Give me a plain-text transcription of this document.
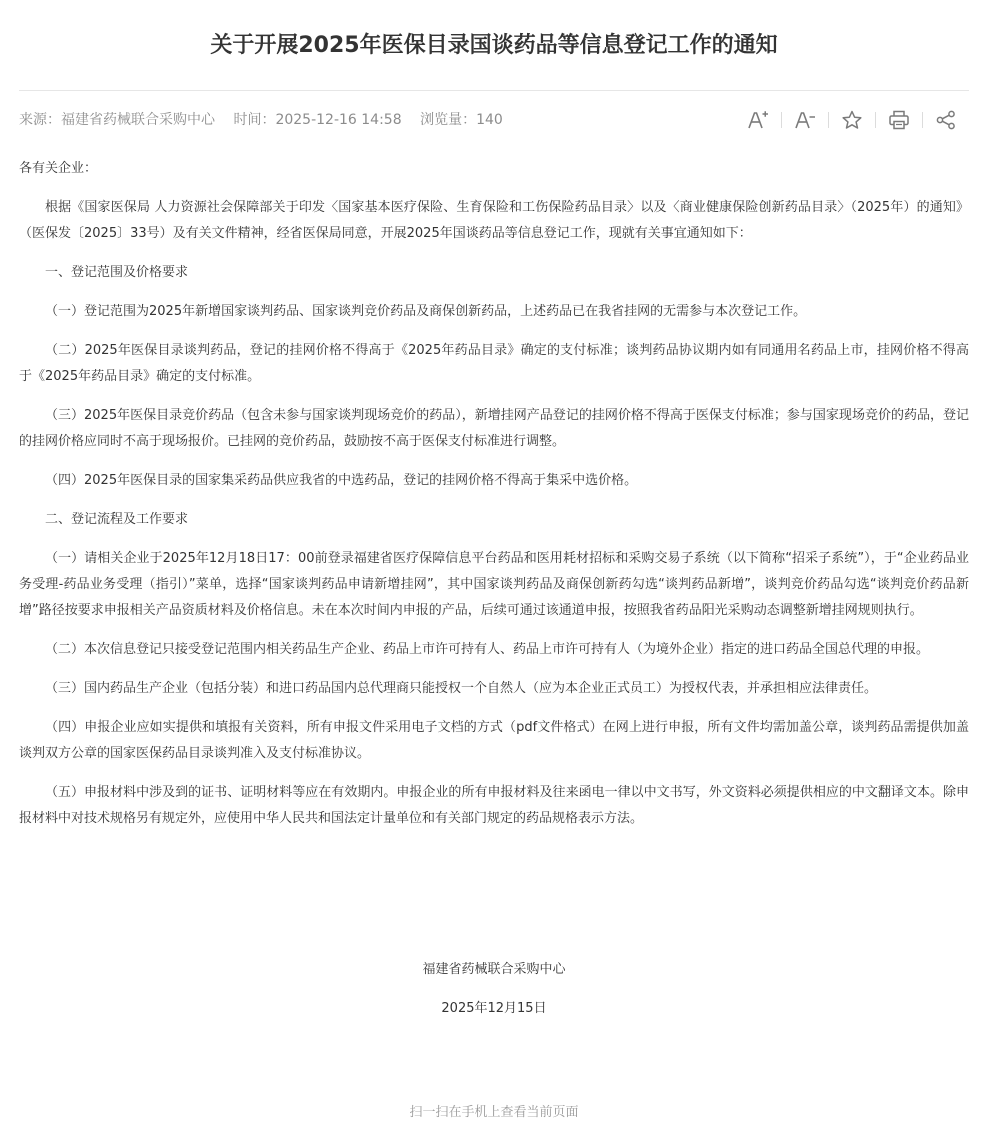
关于开展2025年医保目录国谈药品等信息登记工作的通知
来源：福建省药械联合采购中心 时间：2025-12-16 14:58 浏览量：140

各有关企业：

根据《国家医保局 人力资源社会保障部关于印发〈国家基本医疗保险、生育保险和工伤保险药品目录〉以及〈商业健康保险创新药品目录〉（2025年）的通知》（医保发〔2025〕33号）及有关文件精神，经省医保局同意，开展2025年国谈药品等信息登记工作，现就有关事宜通知如下：

一、登记范围及价格要求

（一）登记范围为2025年新增国家谈判药品、国家谈判竞价药品及商保创新药品，上述药品已在我省挂网的无需参与本次登记工作。

（二）2025年医保目录谈判药品，登记的挂网价格不得高于《2025年药品目录》确定的支付标准；谈判药品协议期内如有同通用名药品上市，挂网价格不得高于《2025年药品目录》确定的支付标准。

（三）2025年医保目录竞价药品（包含未参与国家谈判现场竞价的药品），新增挂网产品登记的挂网价格不得高于医保支付标准；参与国家现场竞价的药品，登记的挂网价格应同时不高于现场报价。已挂网的竞价药品，鼓励按不高于医保支付标准进行调整。

（四）2025年医保目录的国家集采药品供应我省的中选药品，登记的挂网价格不得高于集采中选价格。

二、登记流程及工作要求

（一）请相关企业于2025年12月18日17：00前登录福建省医疗保障信息平台药品和医用耗材招标和采购交易子系统（以下简称“招采子系统”），于“企业药品业务受理-药品业务受理（指引）”菜单，选择“国家谈判药品申请新增挂网”，其中国家谈判药品及商保创新药勾选“谈判药品新增”，谈判竞价药品勾选“谈判竞价药品新增”路径按要求申报相关产品资质材料及价格信息。未在本次时间内申报的产品，后续可通过该通道申报，按照我省药品阳光采购动态调整新增挂网规则执行。

（二）本次信息登记只接受登记范围内相关药品生产企业、药品上市许可持有人、药品上市许可持有人（为境外企业）指定的进口药品全国总代理的申报。

（三）国内药品生产企业（包括分装）和进口药品国内总代理商只能授权一个自然人（应为本企业正式员工）为授权代表，并承担相应法律责任。

（四）申报企业应如实提供和填报有关资料，所有申报文件采用电子文档的方式（pdf文件格式）在网上进行申报，所有文件均需加盖公章，谈判药品需提供加盖谈判双方公章的国家医保药品目录谈判准入及支付标准协议。

（五）申报材料中涉及到的证书、证明材料等应在有效期内。申报企业的所有申报材料及往来函电一律以中文书写，外文资料必须提供相应的中文翻译文本。除申报材料中对技术规格另有规定外，应使用中华人民共和国法定计量单位和有关部门规定的药品规格表示方法。

福建省药械联合采购中心
2025年12月15日
扫一扫在手机上查看当前页面
